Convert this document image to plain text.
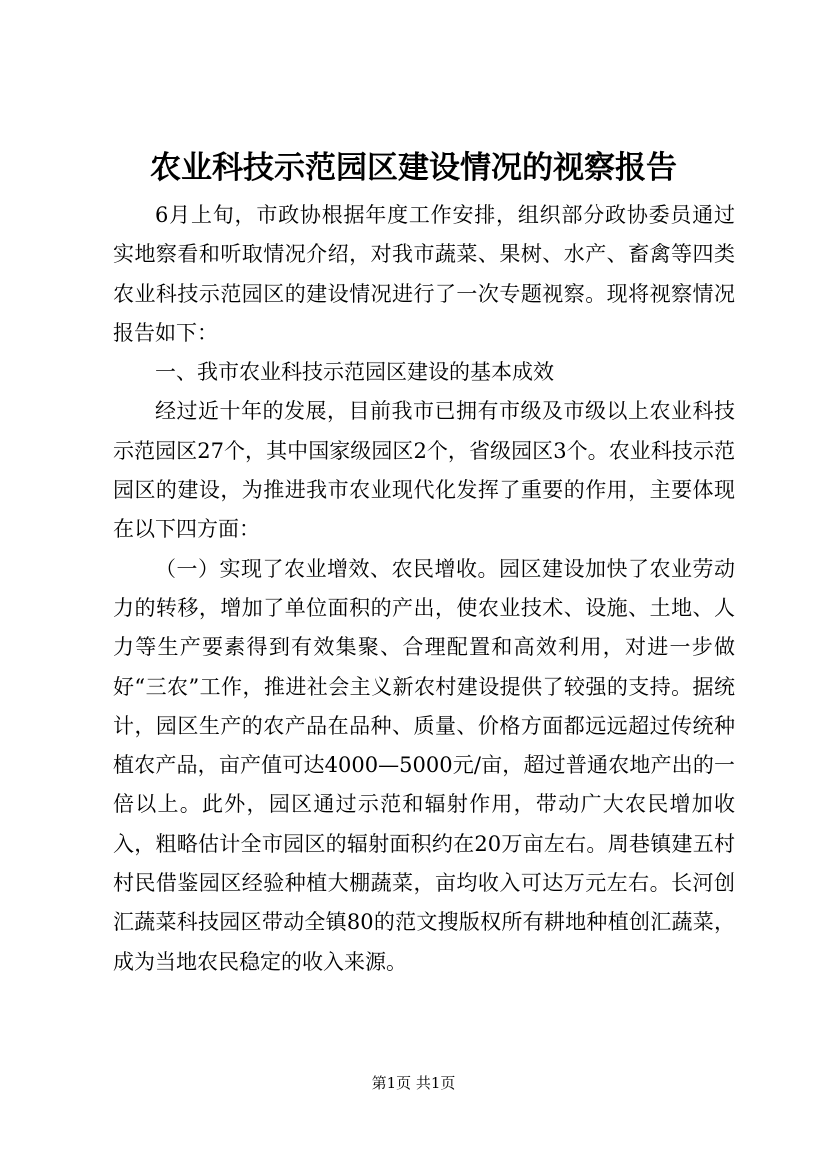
农业科技示范园区建设情况的视察报告

6月上旬，市政协根据年度工作安排，组织部分政协委员通过实地察看和听取情况介绍，对我市蔬菜、果树、水产、畜禽等四类农业科技示范园区的建设情况进行了一次专题视察。现将视察情况报告如下：

一、我市农业科技示范园区建设的基本成效

经过近十年的发展，目前我市已拥有市级及市级以上农业科技示范园区27个，其中国家级园区2个，省级园区3个。农业科技示范园区的建设，为推进我市农业现代化发挥了重要的作用，主要体现在以下四方面：

（一）实现了农业增效、农民增收。园区建设加快了农业劳动力的转移，增加了单位面积的产出，使农业技术、设施、土地、人力等生产要素得到有效集聚、合理配置和高效利用，对进一步做好“三农”工作，推进社会主义新农村建设提供了较强的支持。据统计，园区生产的农产品在品种、质量、价格方面都远远超过传统种植农产品，亩产值可达4000—5000元/亩，超过普通农地产出的一倍以上。此外，园区通过示范和辐射作用，带动广大农民增加收入，粗略估计全市园区的辐射面积约在20万亩左右。周巷镇建五村村民借鉴园区经验种植大棚蔬菜，亩均收入可达万元左右。长河创汇蔬菜科技园区带动全镇80的范文搜版权所有耕地种植创汇蔬菜，成为当地农民稳定的收入来源。

第1页 共1页
